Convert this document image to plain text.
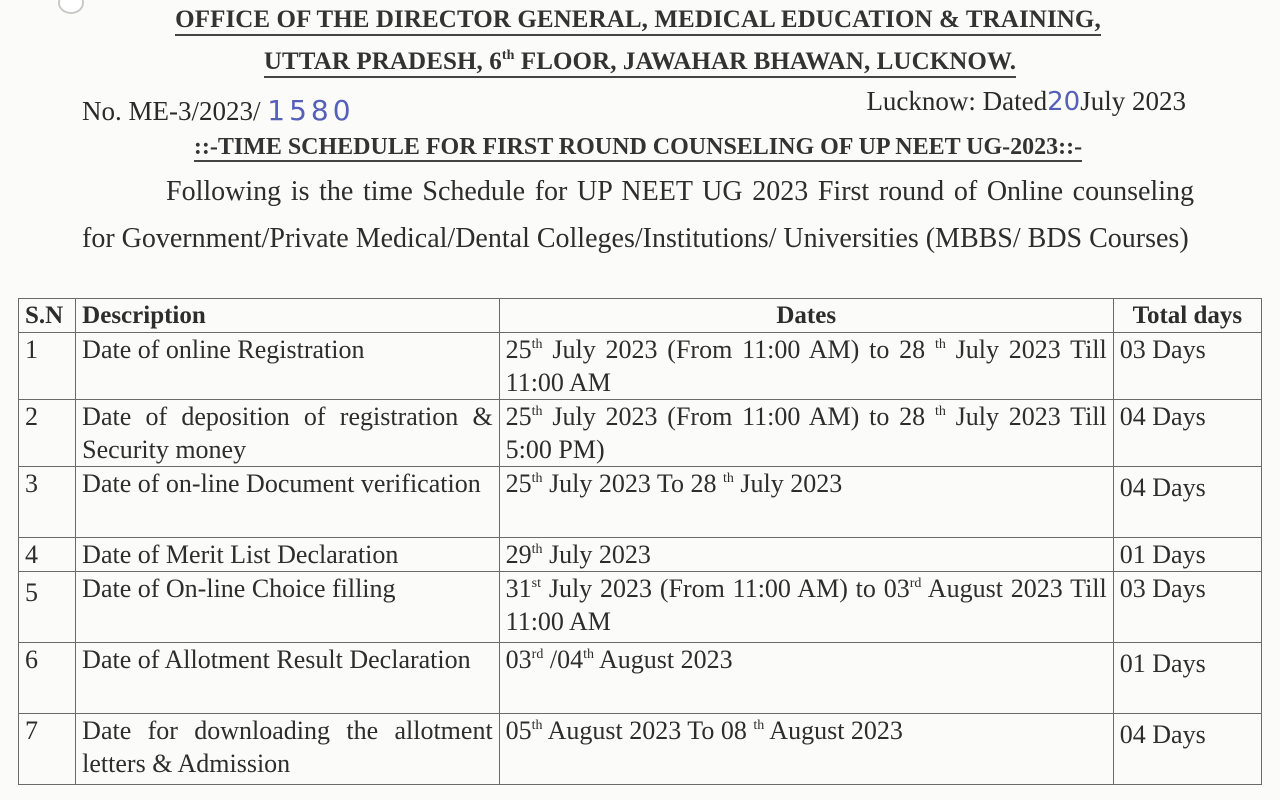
OFFICE OF THE DIRECTOR GENERAL, MEDICAL EDUCATION & TRAINING,
UTTAR PRADESH, 6th FLOOR, JAWAHAR BHAWAN, LUCKNOW.
No. ME-3/2023/ 1580	Lucknow: Dated20July 2023
::-TIME SCHEDULE FOR FIRST ROUND COUNSELING OF UP NEET UG-2023::-
Following is the time Schedule for UP NEET UG 2023 First round of Online counseling for Government/Private Medical/Dental Colleges/Institutions/ Universities (MBBS/ BDS Courses)
S.N	Description	Dates	Total days
1	Date of online Registration	25th July 2023 (From 11:00 AM) to 28 $^{th}$ July 2023 Till 11:00 AM	03 Days
2	Date of deposition of registration & Security money	25th July 2023 (From 11:00 AM) to 28 $^{th}$ July 2023 Till 5:00 PM)	04 Days
3	Date of on-line Document verification	25th July 2023 To 28 $^{th}$ July 2023	04 Days
4	Date of Merit List Declaration	29th July 2023	01 Days
5	Date of On-line Choice filling	31st July 2023 (From 11:00 AM) to 03rd August 2023 Till 11:00 AM	03 Days
6	Date of Allotment Result Declaration	03rd /04th August 2023	01 Days
7	Date for downloading the allotment letters & Admission	05th August 2023 To 08 $^{th}$ August 2023	04 Days
